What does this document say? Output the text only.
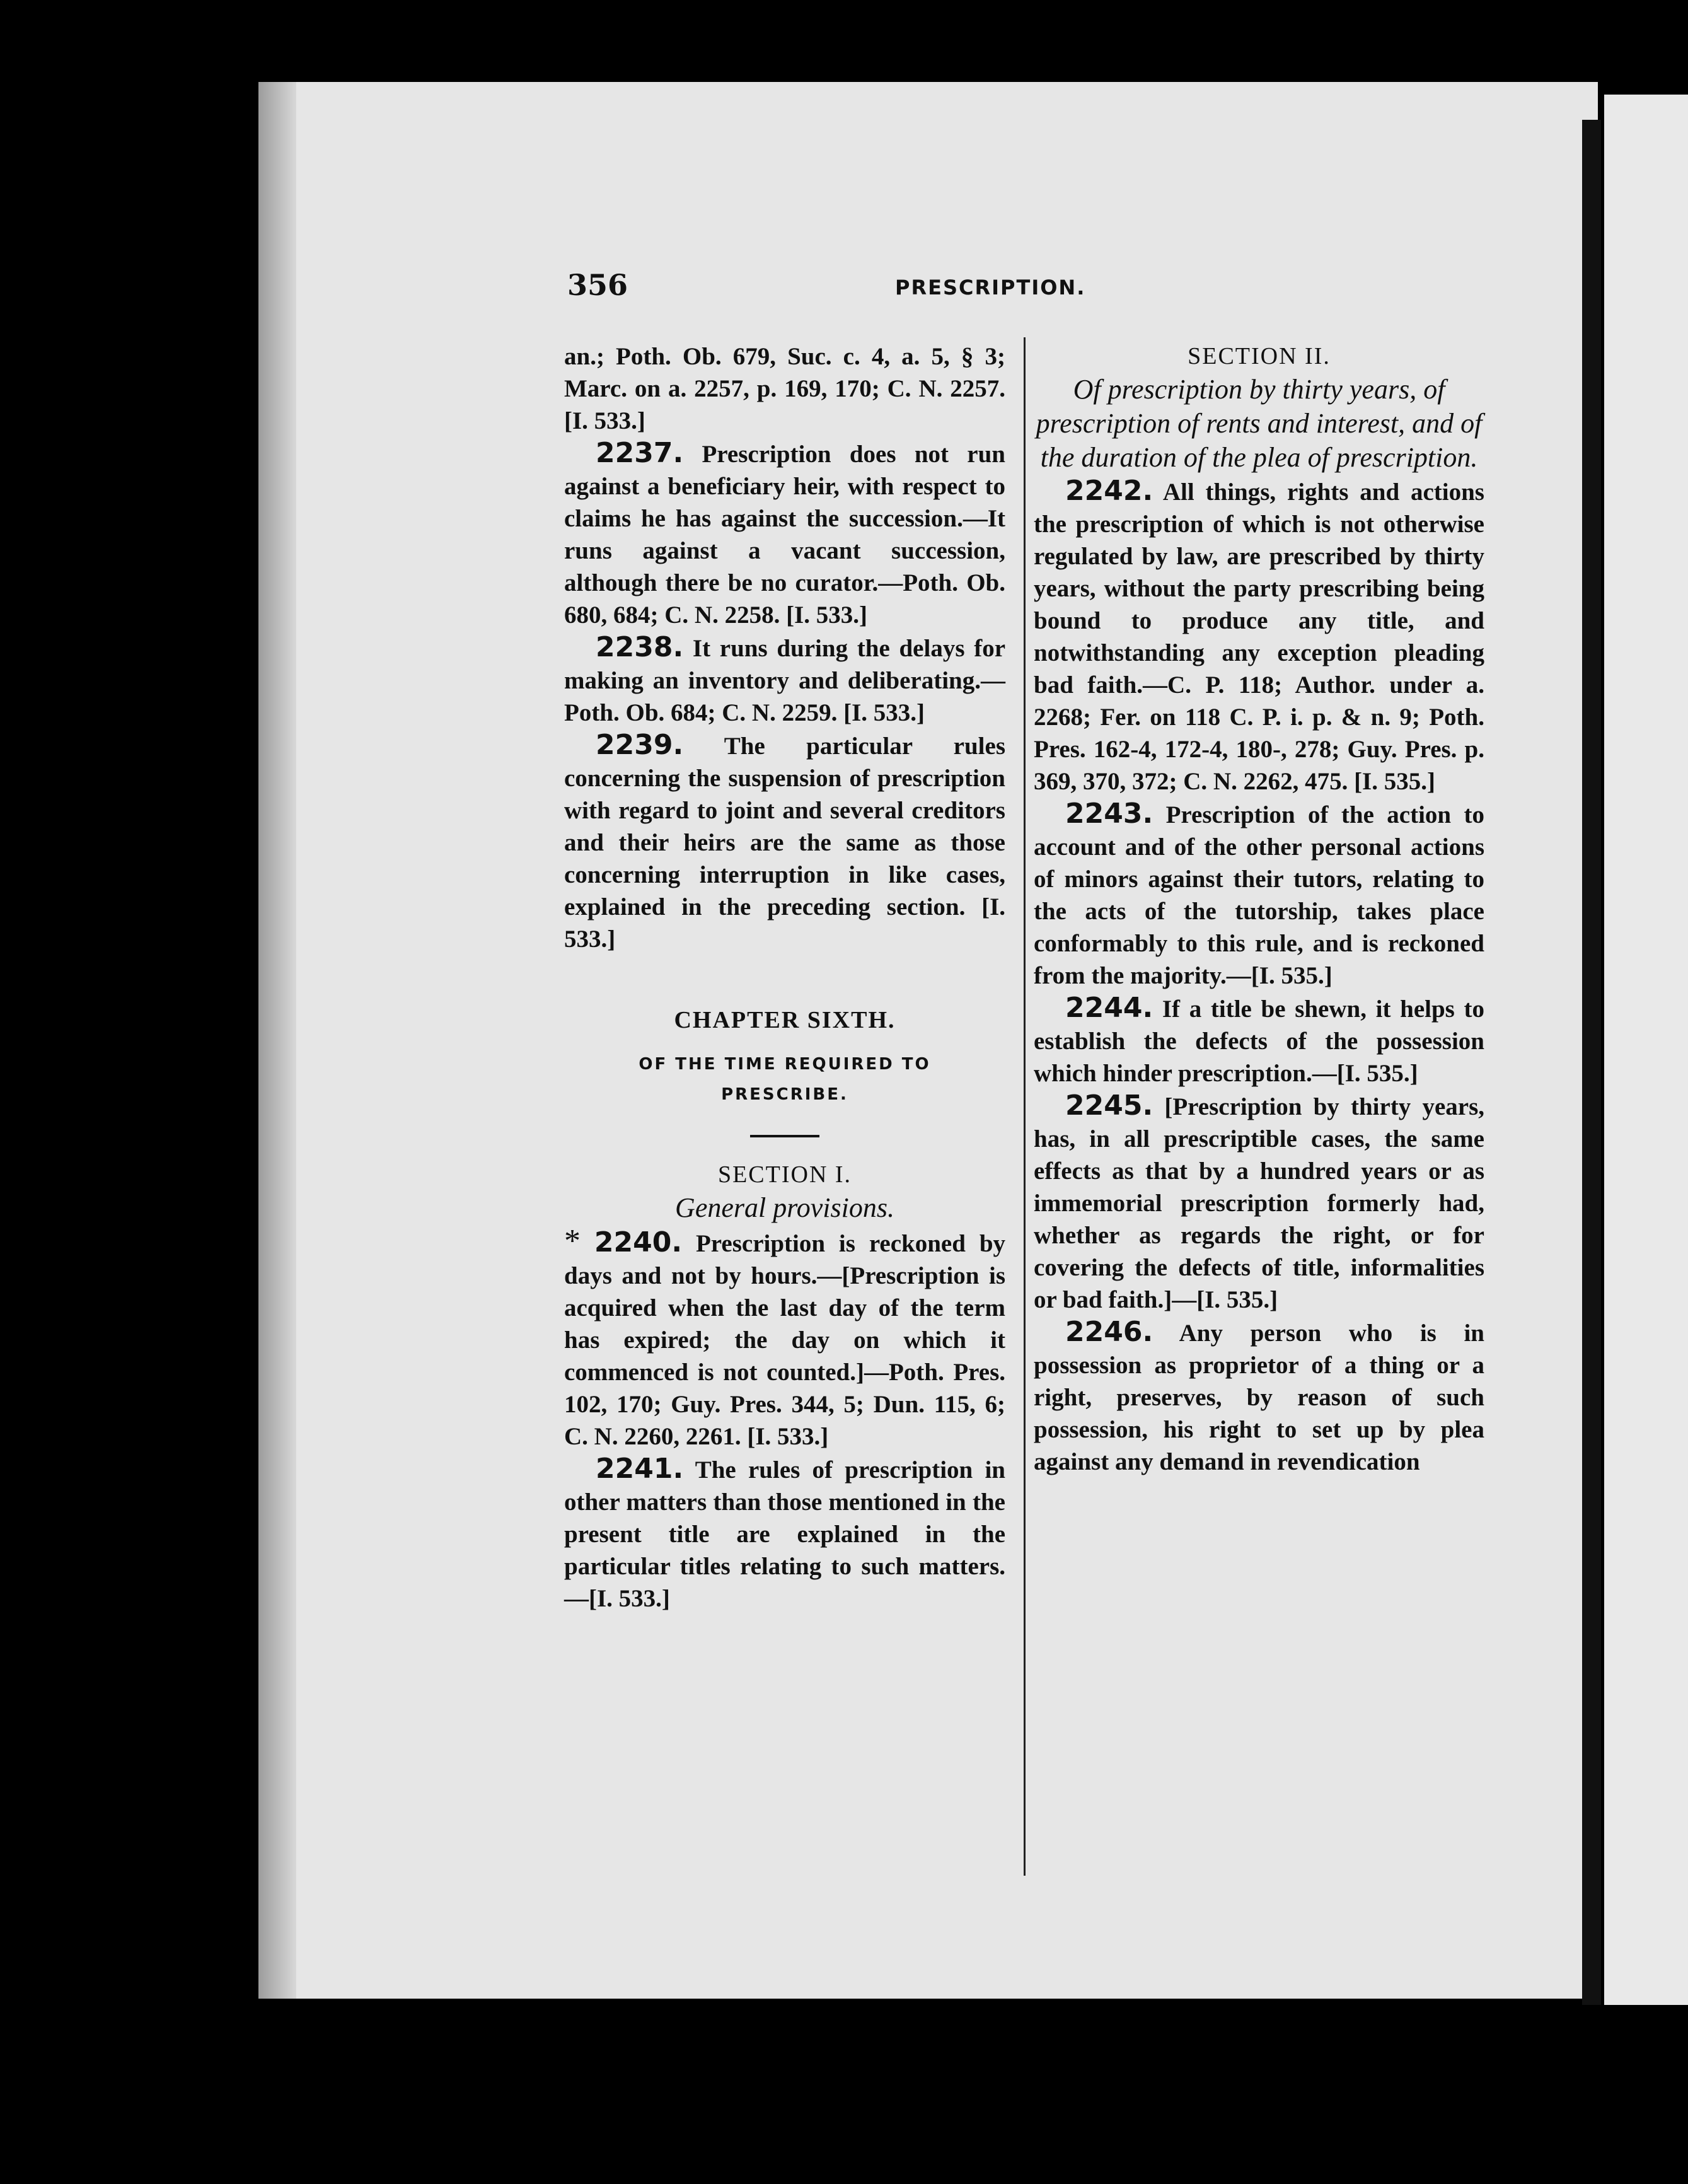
356	PRESCRIPTION.

an.; Poth. Ob. 679, Suc. c. 4, a. 5, § 3; Marc. on a. 2257, p. 169, 170; C. N. 2257. [I. 533.]

2237. Prescription does not run against a beneficiary heir, with respect to claims he has against the succession.—It runs against a vacant succession, although there be no curator.—Poth. Ob. 680, 684; C. N. 2258. [I. 533.]

2238. It runs during the delays for making an inventory and deliberating.—Poth. Ob. 684; C. N. 2259. [I. 533.]

2239. The particular rules concerning the suspension of prescription with regard to joint and several creditors and their heirs are the same as those concerning interruption in like cases, explained in the preceding section. [I. 533.]

CHAPTER SIXTH.
OF THE TIME REQUIRED TO PRESCRIBE.
SECTION I.
General provisions.

* 2240. Prescription is reckoned by days and not by hours.—[Prescription is acquired when the last day of the term has expired; the day on which it commenced is not counted.]—Poth. Pres. 102, 170; Guy. Pres. 344, 5; Dun. 115, 6; C. N. 2260, 2261. [I. 533.]

2241. The rules of prescription in other matters than those mentioned in the present title are explained in the particular titles relating to such matters.—[I. 533.]

SECTION II.
Of prescription by thirty years, of prescription of rents and interest, and of the duration of the plea of prescription.

2242. All things, rights and actions the prescription of which is not otherwise regulated by law, are prescribed by thirty years, without the party prescribing being bound to produce any title, and notwithstanding any exception pleading bad faith.—C. P. 118; Author. under a. 2268; Fer. on 118 C. P. i. p. & n. 9; Poth. Pres. 162-4, 172-4, 180-, 278; Guy. Pres. p. 369, 370, 372; C. N. 2262, 475. [I. 535.]

2243. Prescription of the action to account and of the other personal actions of minors against their tutors, relating to the acts of the tutorship, takes place conformably to this rule, and is reckoned from the majority.—[I. 535.]

2244. If a title be shewn, it helps to establish the defects of the possession which hinder prescription.—[I. 535.]

2245. [Prescription by thirty years, has, in all prescriptible cases, the same effects as that by a hundred years or as immemorial prescription formerly had, whether as regards the right, or for covering the defects of title, informalities or bad faith.]—[I. 535.]

2246. Any person who is in possession as proprietor of a thing or a right, preserves, by reason of such possession, his right to set up by plea against any demand in revendication
